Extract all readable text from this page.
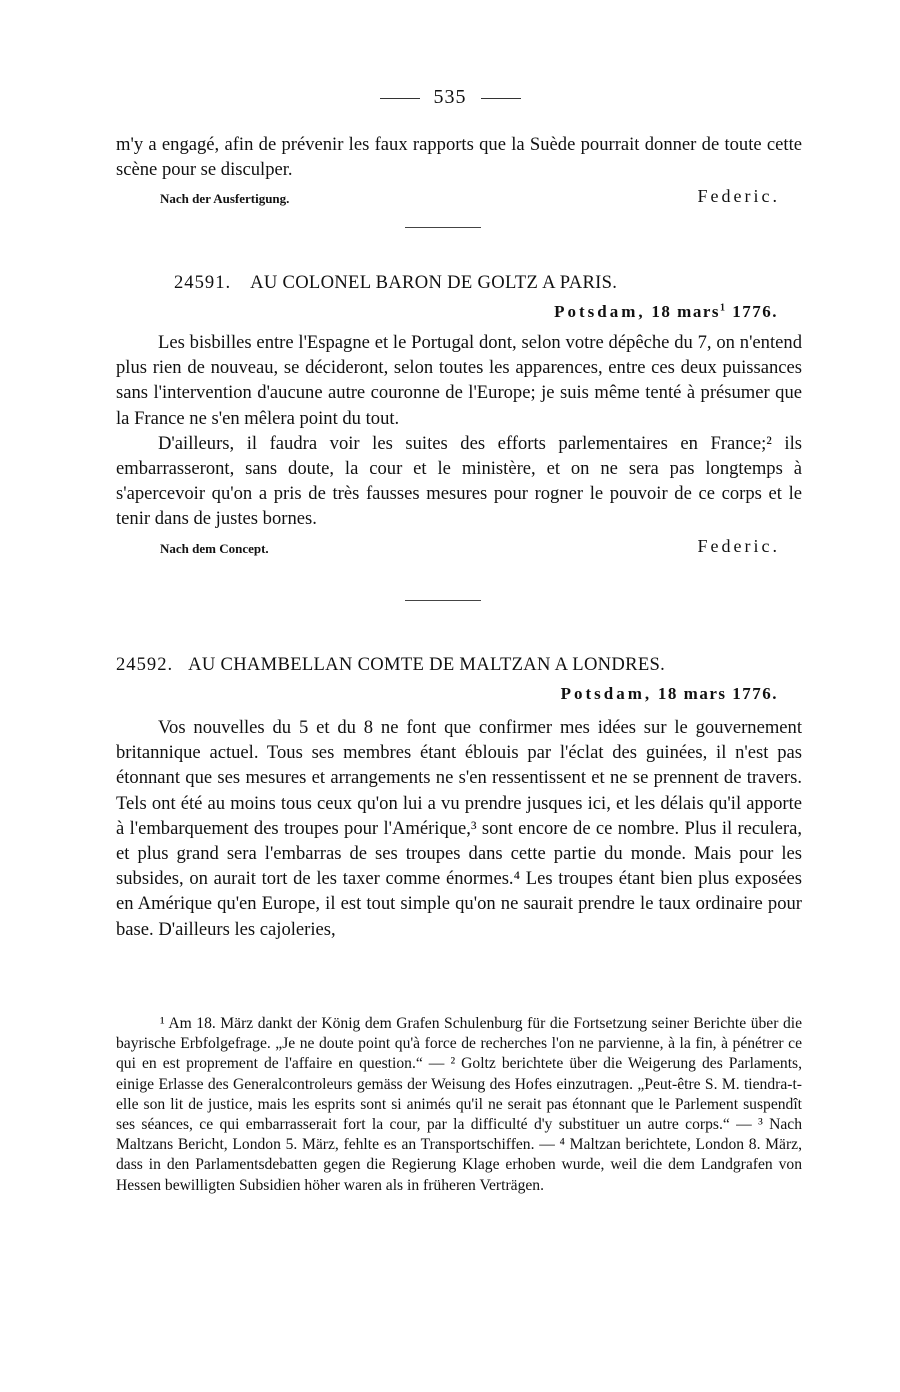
535

m'y a engagé, afin de prévenir les faux rapports que la Suède pourrait donner de toute cette scène pour se disculper.

Nach der Ausfertigung.	Federic.
24591. AU COLONEL BARON DE GOLTZ A PARIS.
Potsdam, 18 mars$^1$ 1776.

Les bisbilles entre l'Espagne et le Portugal dont, selon votre dépêche du 7, on n'entend plus rien de nouveau, se décideront, selon toutes les apparences, entre ces deux puissances sans l'intervention d'aucune autre couronne de l'Europe; je suis même tenté à présumer que la France ne s'en mêlera point du tout.

D'ailleurs, il faudra voir les suites des efforts parlementaires en France;² ils embarrasseront, sans doute, la cour et le ministère, et on ne sera pas longtemps à s'apercevoir qu'on a pris de très fausses mesures pour rogner le pouvoir de ce corps et le tenir dans de justes bornes.

Nach dem Concept.	Federic.
24592. AU CHAMBELLAN COMTE DE MALTZAN A LONDRES.
Potsdam, 18 mars 1776.

Vos nouvelles du 5 et du 8 ne font que confirmer mes idées sur le gouvernement britannique actuel. Tous ses membres étant éblouis par l'éclat des guinées, il n'est pas étonnant que ses mesures et arrangements ne s'en ressentissent et ne se prennent de travers. Tels ont été au moins tous ceux qu'on lui a vu prendre jusques ici, et les délais qu'il apporte à l'embarquement des troupes pour l'Amérique,³ sont encore de ce nombre. Plus il reculera, et plus grand sera l'embarras de ses troupes dans cette partie du monde. Mais pour les subsides, on aurait tort de les taxer comme énormes.⁴ Les troupes étant bien plus exposées en Amérique qu'en Europe, il est tout simple qu'on ne saurait prendre le taux ordinaire pour base. D'ailleurs les cajoleries,

¹ Am 18. März dankt der König dem Grafen Schulenburg für die Fortsetzung seiner Berichte über die bayrische Erbfolgefrage. „Je ne doute point qu'à force de recherches l'on ne parvienne, à la fin, à pénétrer ce qui en est proprement de l'affaire en question.“ — ² Goltz berichtete über die Weigerung des Parlaments, einige Erlasse des Generalcontroleurs gemäss der Weisung des Hofes einzutragen. „Peut-être S. M. tiendra-t-elle son lit de justice, mais les esprits sont si animés qu'il ne serait pas étonnant que le Parlement suspendît ses séances, ce qui embarrasserait fort la cour, par la difficulté d'y substituer un autre corps.“ — ³ Nach Maltzans Bericht, London 5. März, fehlte es an Transportschiffen. — ⁴ Maltzan berichtete, London 8. März, dass in den Parlamentsdebatten gegen die Regierung Klage erhoben wurde, weil die dem Landgrafen von Hessen bewilligten Subsidien höher waren als in früheren Verträgen.
